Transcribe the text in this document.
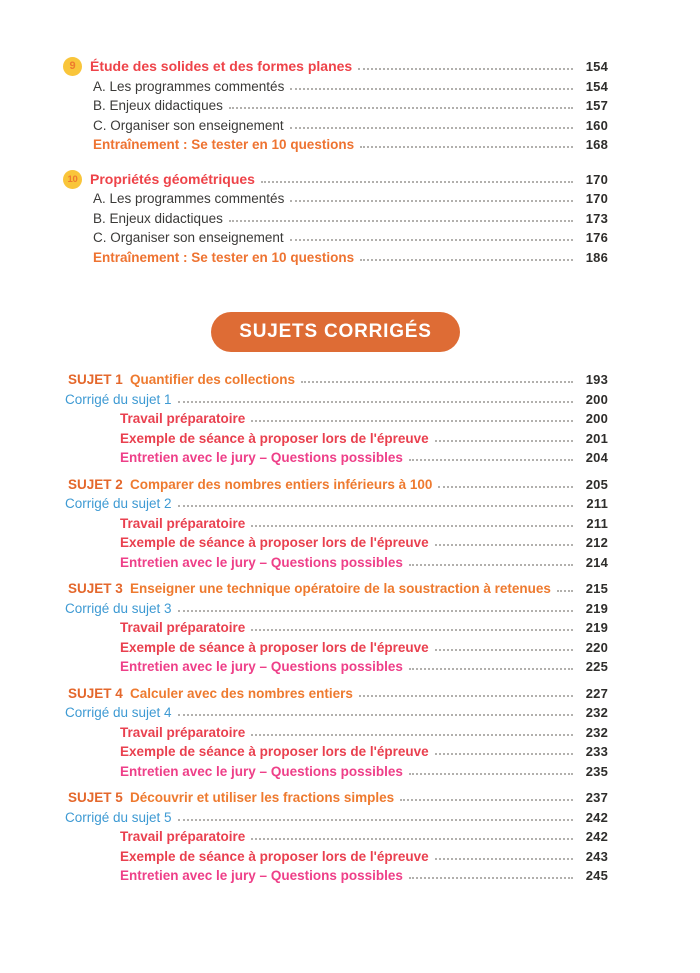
9	Étude des solides et des formes planes	154
A. Les programmes commentés	154
B. Enjeux didactiques	157
C. Organiser son enseignement	160
Entraînement : Se tester en 10 questions	168
10 Propriétés géométriques	170
A. Les programmes commentés	170
B. Enjeux didactiques	173
C. Organiser son enseignement	176
Entraînement : Se tester en 10 questions	186
SUJETS CORRIGÉS
SUJET 1 Quantifier des collections	193
Corrigé du sujet 1	200
Travail préparatoire	200
Exemple de séance à proposer lors de l'épreuve	201
Entretien avec le jury – Questions possibles	204
SUJET 2 Comparer des nombres entiers inférieurs à 100	205
Corrigé du sujet 2	211
Travail préparatoire	211
Exemple de séance à proposer lors de l'épreuve	212
Entretien avec le jury – Questions possibles	214
SUJET 3 Enseigner une technique opératoire de la soustraction à retenues	215
Corrigé du sujet 3	219
Travail préparatoire	219
Exemple de séance à proposer lors de l'épreuve	220
Entretien avec le jury – Questions possibles	225
SUJET 4 Calculer avec des nombres entiers	227
Corrigé du sujet 4	232
Travail préparatoire	232
Exemple de séance à proposer lors de l'épreuve	233
Entretien avec le jury – Questions possibles	235
SUJET 5 Découvrir et utiliser les fractions simples	237
Corrigé du sujet 5	242
Travail préparatoire	242
Exemple de séance à proposer lors de l'épreuve	243
Entretien avec le jury – Questions possibles	245
